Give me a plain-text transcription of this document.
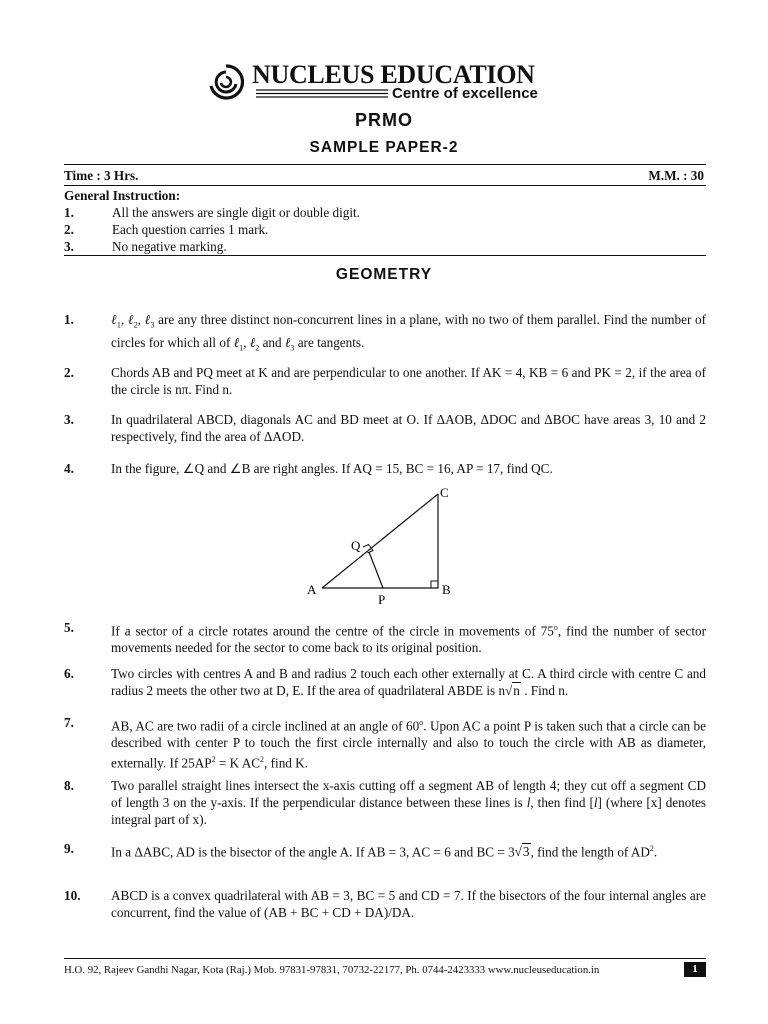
NUCLEUS EDUCATION
Centre of excellence
PRMO
SAMPLE PAPER-2
Time : 3 Hrs.	M.M. : 30
General Instruction:
1.	All the answers are single digit or double digit.
2.	Each question carries 1 mark.
3.	No negative marking.
GEOMETRY
1.	ℓ$_1$, ℓ$_2$, ℓ$_3$ are any three distinct non-concurrent lines in a plane, with no two of them parallel. Find the number of circles for which all of ℓ$_1$, ℓ$_2$ and ℓ$_3$ are tangents.
2.	Chords AB and PQ meet at K and are perpendicular to one another. If AK = 4, KB = 6 and PK = 2, if the area of the circle is nπ. Find n.
3.	In quadrilateral ABCD, diagonals AC and BD meet at O. If ΔAOB, ΔDOC and ΔBOC have areas 3, 10 and 2 respectively, find the area of ΔAOD.
4.	In the figure, ∠Q and ∠B are right angles. If AQ = 15, BC = 16, AP = 17, find QC.
A	B
C
P
Q
5.	If a sector of a circle rotates around the centre of the circle in movements of 75$^o$, find the number of sector movements needed for the sector to come back to its original position.
6.	Two circles with centres A and B and radius 2 touch each other externally at C. A third circle with centre C and radius 2 meets the other two at D, E. If the area of quadrilateral ABDE is n√n . Find n.
7.	AB, AC are two radii of a circle inclined at an angle of 60$^o$. Upon AC a point P is taken such that a circle can be described with center P to touch the first circle internally and also to touch the circle with AB as diameter, externally. If $25AP^2 = K$ $AC^2$, find K.
8.	Two parallel straight lines intersect the x-axis cutting off a segment AB of length 4; they cut off a segment CD of length 3 on the y-axis. If the perpendicular distance between these lines is l, then find [l] (where [x] denotes integral part of x).
9.	In a ΔABC, AD is the bisector of the angle A. If AB = 3, AC = 6 and BC = 3√3, find the length of $AD^2$.
10. ABCD is a convex quadrilateral with AB = 3, BC = 5 and CD = 7. If the bisectors of the four internal angles are concurrent, find the value of (AB + BC + CD + DA)/DA.
H.O. 92, Rajeev Gandhi Nagar, Kota (Raj.) Mob. 97831-97831, 70732-22177, Ph. 0744-2423333 www.nucleuseducation.in	1
